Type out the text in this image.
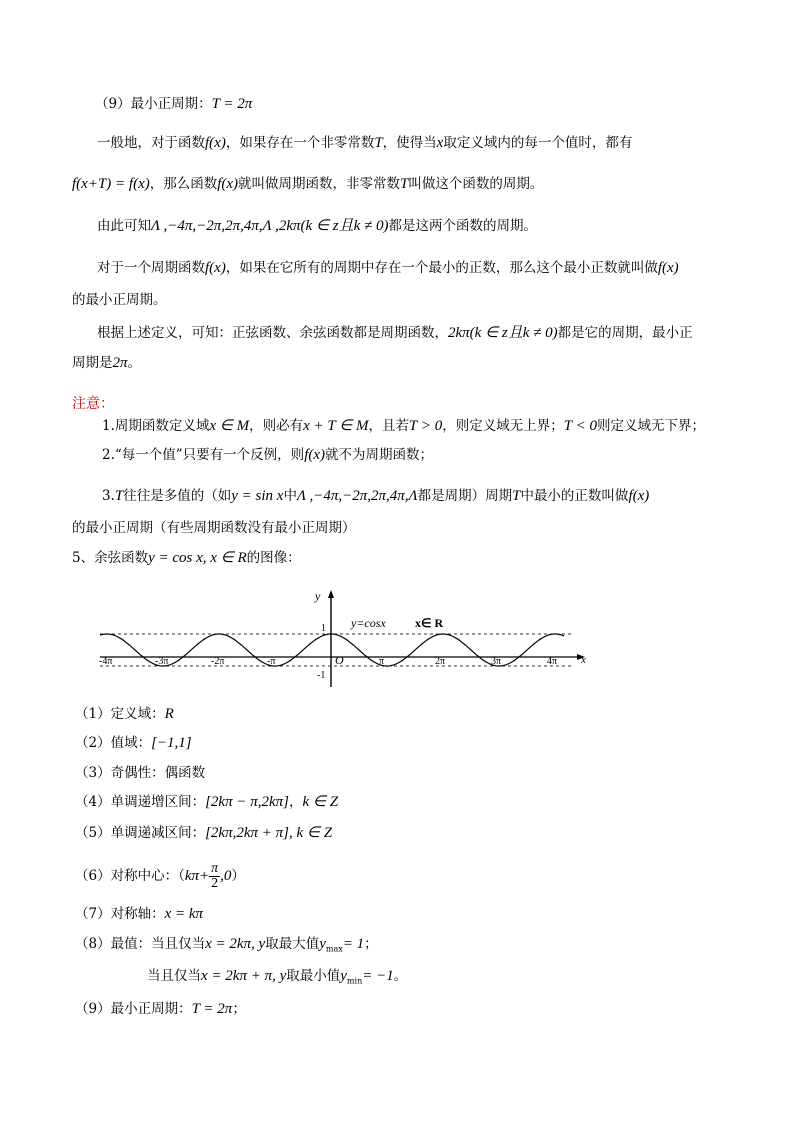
（9）最小正周期：T = 2π
一般地，对于函数f(x)，如果存在一个非零常数T，使得当x取定义域内的每一个值时，都有
f(x+T) = f(x)，那么函数f(x)就叫做周期函数，非零常数T叫做这个函数的周期。
由此可知Λ ,−4π,−2π,2π,4π,Λ ,2kπ(k ∈ z且k ≠ 0)都是这两个函数的周期。
对于一个周期函数f(x)，如果在它所有的周期中存在一个最小的正数，那么这个最小正数就叫做f(x)
的最小正周期。
根据上述定义，可知：正弦函数、余弦函数都是周期函数，2kπ(k ∈ z且k ≠ 0)都是它的周期，最小正
周期是2π。
注意：
1.周期函数定义域x ∈ M，则必有x + T ∈ M，且若T > 0，则定义域无上界；T < 0则定义域无下界；
2.“每一个值”只要有一个反例，则f(x)就不为周期函数；
3.T往往是多值的（如y = sin x中Λ ,−4π,−2π,2π,4π,Λ都是周期）周期T中最小的正数叫做f(x)
的最小正周期（有些周期函数没有最小正周期）
5、余弦函数y = cos x, x ∈ R的图像：
y
x
y=cosx x∈ R
O
1
-1
-4π	-3π	-2π	-π	π	2π	3π	4π
（1）定义域：R
（2）值域：[−1,1]
（3）奇偶性：偶函数
（4）单调递增区间：[2kπ − π,2kπ]，k ∈ Z
（5）单调递减区间：[2kπ,2kπ + π], k ∈ Z
（6）对称中心：$(k\pi+ \frac{\pi}{2} ,0)$
（7）对称轴：x = kπ
（8）最值：当且仅当x = 2kπ, y取最大值$y_{max}= 1$；
当且仅当x = 2kπ + π, y取最小值$y_{min}= -1$。
（9）最小正周期：T = 2π；
